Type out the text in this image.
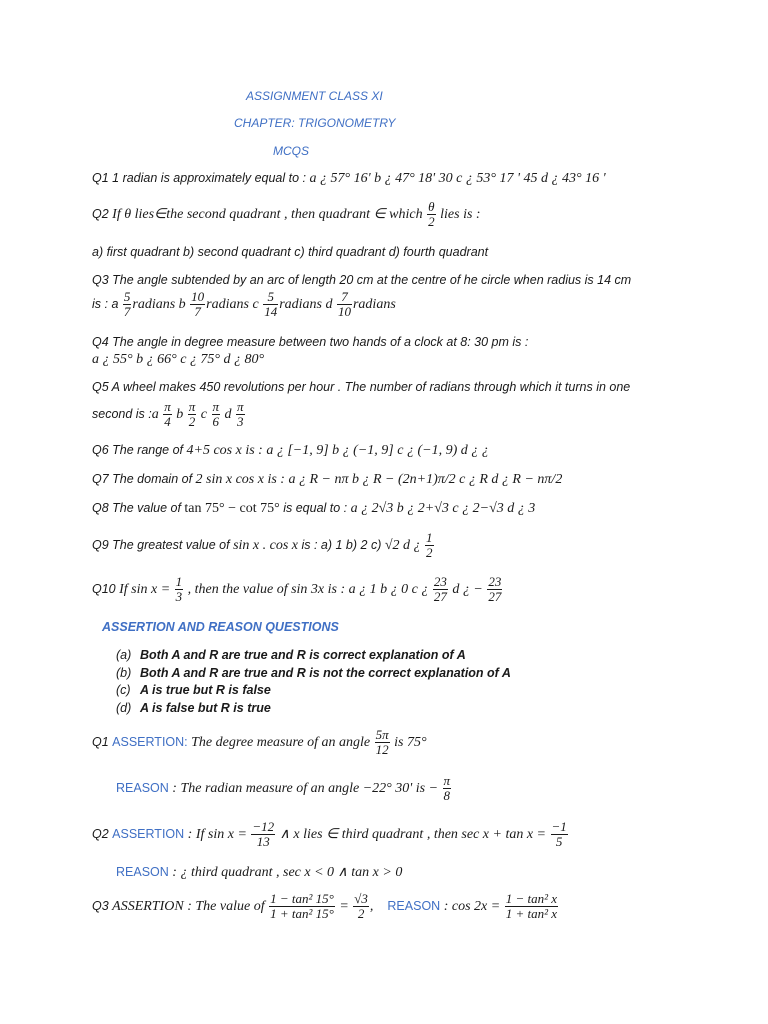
ASSIGNMENT CLASS XI
CHAPTER: TRIGONOMETRY
MCQS
Q1 1 radian is approximately equal to : a ¿ 57° 16' b ¿ 47° 18' 30 c ¿ 53° 17 ' 45 d ¿ 43° 16 '
Q2 If θ lies∈the second quadrant , then quadrant ∈ which $\frac{\theta}{2}$ lies is :
a) first quadrant b) second quadrant c) third quadrant d) fourth quadrant
Q3 The angle subtended by an arc of length 20 cm at the centre of he circle when radius is 14 cm
is : a $\frac{5}{7}$ radians b $\frac{10}{7}$ radians c $\frac{5}{14}$ radians d $\frac{7}{10}$ radians
Q4 The angle in degree measure between two hands of a clock at 8: 30 pm is :
a ¿ 55° b ¿ 66° c ¿ 75° d ¿ 80°
Q5 A wheel makes 450 revolutions per hour . The number of radians through which it turns in one
second is :a $\frac{\pi}{4}$ b $\frac{\pi}{2}$ c $\frac{\pi}{6}$ d $\frac{\pi}{3}$
Q6 The range of 4+5 cos x is : a ¿ [−1, 9] b ¿ (−1, 9] c ¿ (−1, 9) d ¿ ¿
Q7 The domain of 2 sin x cos x is : a ¿ R − nπ b ¿ R − (2n+1)π/2 c ¿ R d ¿ R − nπ/2
Q8 The value of tan 75° − cot 75° is equal to : a ¿ 2√3 b ¿ 2+√3 c ¿ 2−√3 d ¿ 3
Q9 The greatest value of sin x . cos x is : a) 1 b) 2 c) √2 d ¿ $\frac{1}{2}$
Q10 If $\sin x = \frac{1}{3}$ , then the value of sin 3x is : a ¿ 1 b ¿ 0 c ¿ $\frac{23}{27}$ d ¿ − $\frac{23}{27}$
ASSERTION AND REASON QUESTIONS
(a) Both A and R are true and R is correct explanation of A
(b) Both A and R are true and R is not the correct explanation of A
(c) A is true but R is false
(d) A is false but R is true
Q1 ASSERTION: The degree measure of an angle $\frac{5\pi}{12}$ is 75°
REASON : The radian measure of an angle −22° 30' is − $\frac{\pi}{8}$
Q2 ASSERTION : If $\sin x = \frac{-12}{13}$ ∧ x lies ∈ third quadrant , then $\sec x + \tan x = \frac{-1}{5}$
REASON : ¿ third quadrant , sec x < 0 ∧ tan x > 0
Q3 ASSERTION : The value of $\frac{\text{1 − tan² 15°}}{\text{1 + tan² 15°}} = \frac{√3}{2}$ , REASON : $\cos 2x = \frac{\text{1 − tan² x}}{\text{1 + tan² x}}$
